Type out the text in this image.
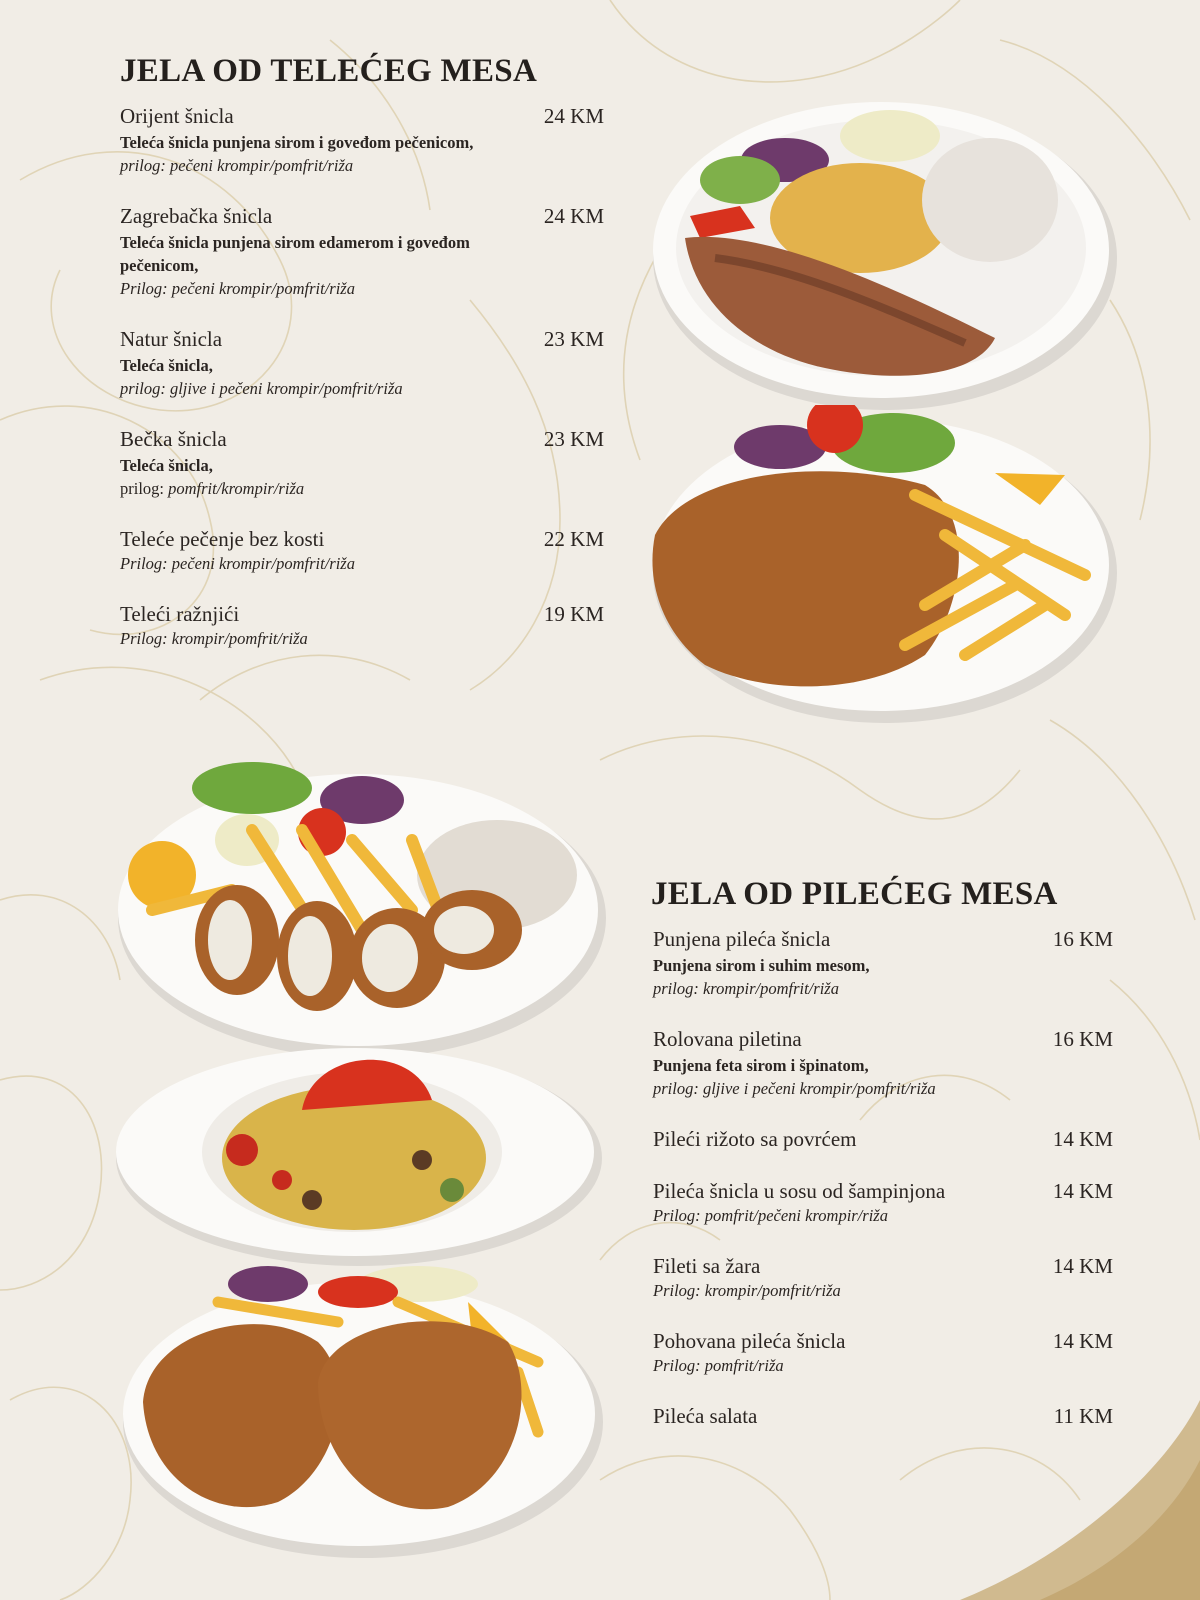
JELA OD TELEĆEG MESA
Orijent šnicla	24 KM
Teleća šnicla punjena sirom i goveđom pečenicom,
prilog: pečeni krompir/pomfrit/riža
Zagrebačka šnicla	24 KM
Teleća šnicla punjena sirom edamerom i goveđom pečenicom,
Prilog: pečeni krompir/pomfrit/riža
Natur šnicla	23 KM
Teleća šnicla,
prilog: gljive i pečeni krompir/pomfrit/riža
Bečka šnicla	23 KM
Teleća šnicla,
prilog: pomfrit/krompir/riža
Teleće pečenje bez kosti	22 KM
Prilog: pečeni krompir/pomfrit/riža
Teleći ražnjići	19 KM
Prilog: krompir/pomfrit/riža
JELA OD PILEĆEG MESA
Punjena pileća šnicla	16 KM
Punjena sirom i suhim mesom,
prilog: krompir/pomfrit/riža
Rolovana piletina	16 KM
Punjena feta sirom i špinatom,
prilog: gljive i pečeni krompir/pomfrit/riža
Pileći rižoto sa povrćem	14 KM
Pileća šnicla u sosu od šampinjona	14 KM
Prilog: pomfrit/pečeni krompir/riža
Fileti sa žara	14 KM
Prilog: krompir/pomfrit/riža
Pohovana pileća šnicla	14 KM
Prilog: pomfrit/riža
Pileća salata	11 KM
